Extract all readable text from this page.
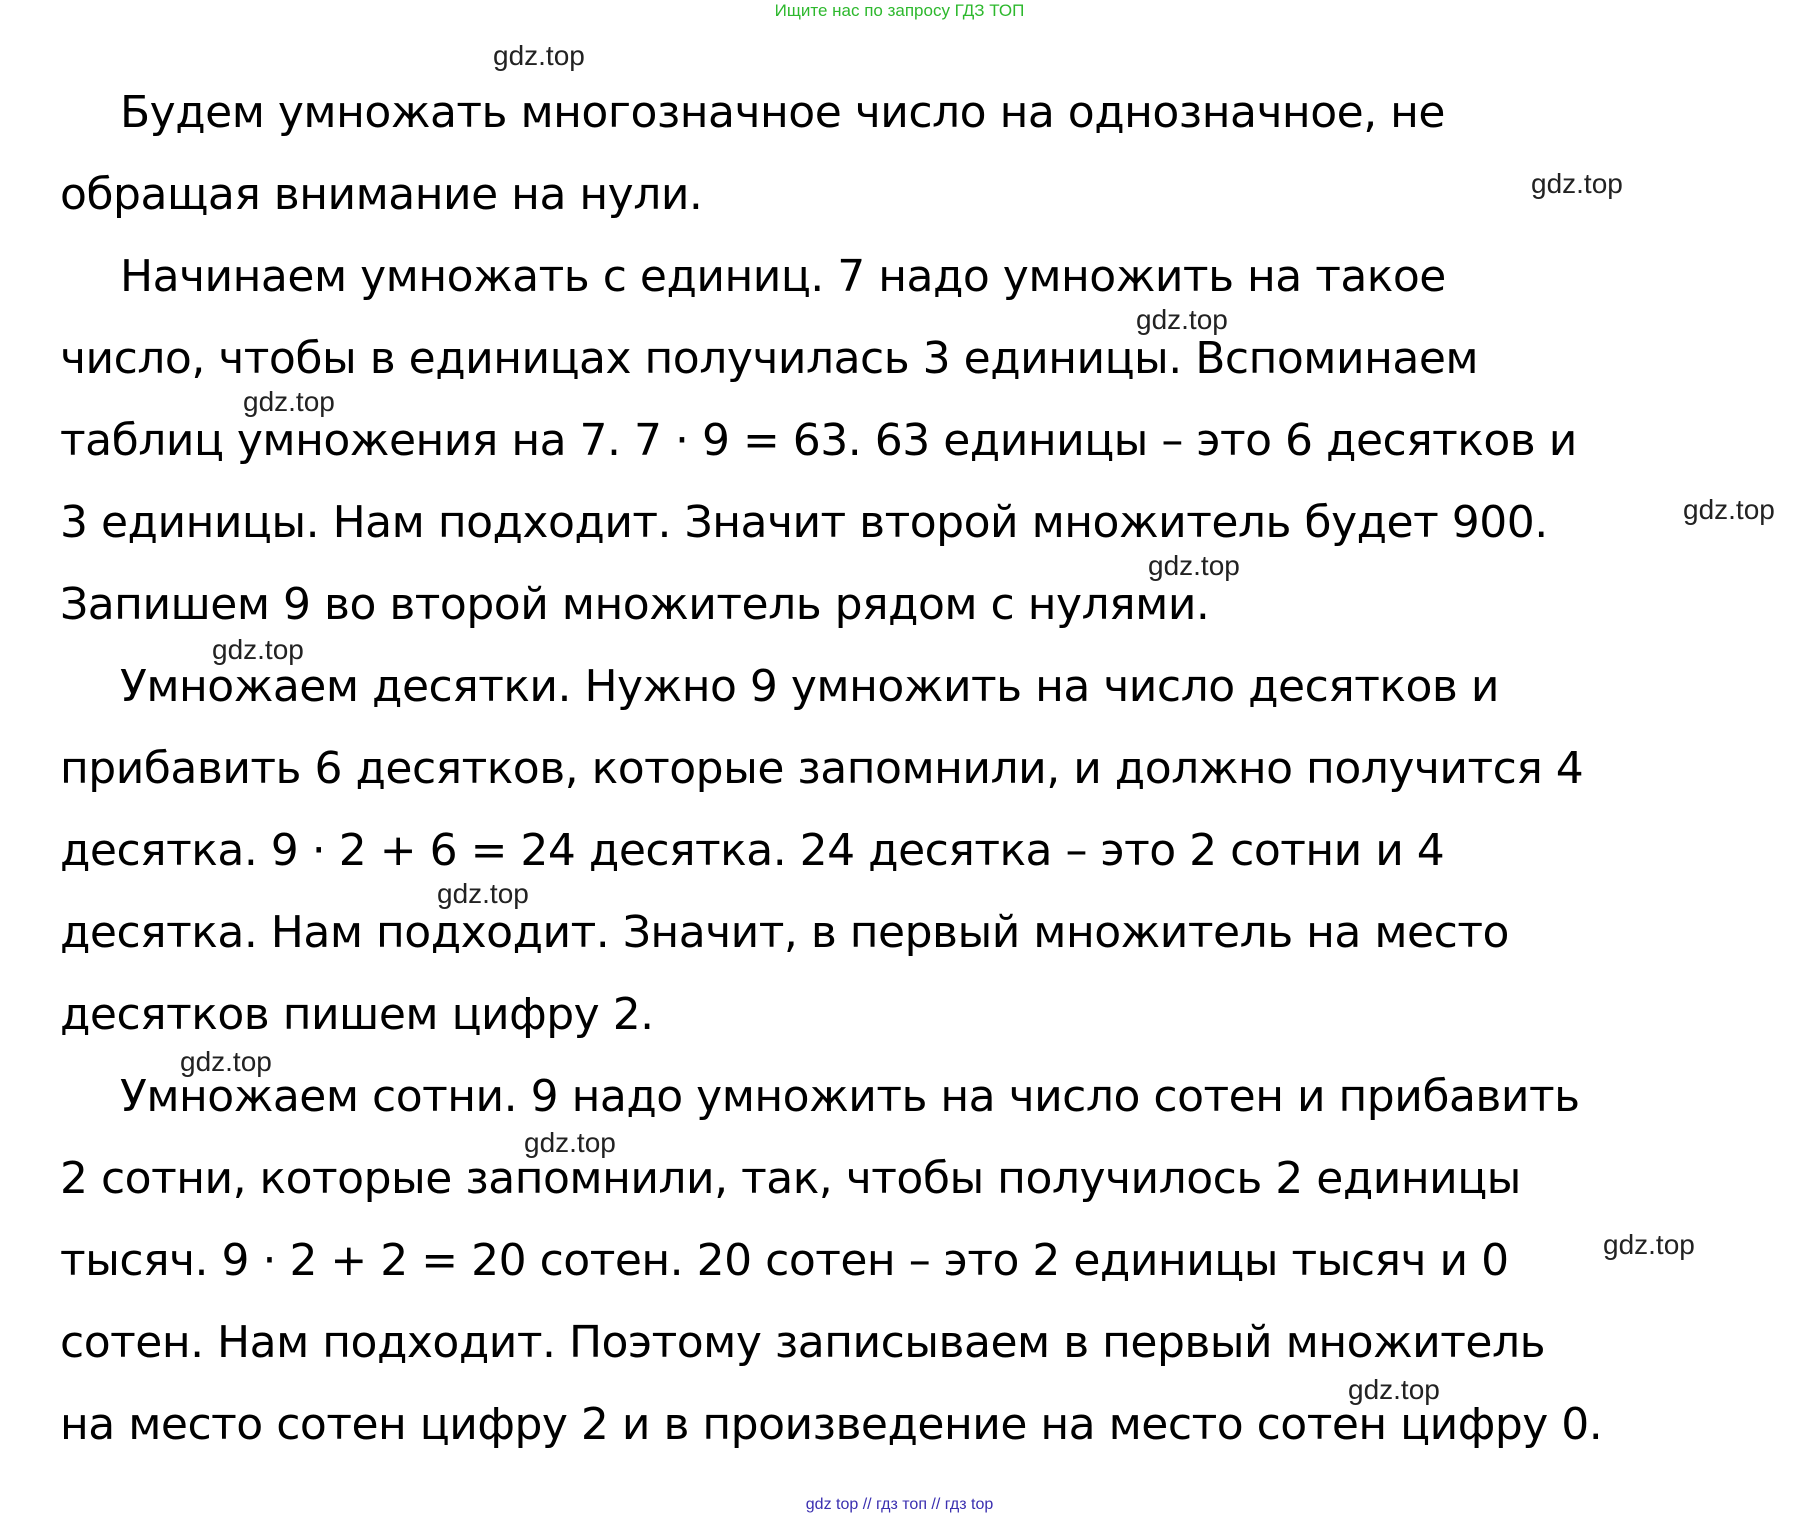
Ищите нас по запросу ГДЗ ТОП
Будем умножать многозначное число на однозначное, не
обращая внимание на нули.
Начинаем умножать с единиц. 7 надо умножить на такое
число, чтобы в единицах получилась 3 единицы. Вспоминаем
таблиц умножения на 7. 7 · 9 = 63. 63 единицы – это 6 десятков и
3 единицы. Нам подходит. Значит второй множитель будет 900.
Запишем 9 во второй множитель рядом с нулями.
Умножаем десятки. Нужно 9 умножить на число десятков и
прибавить 6 десятков, которые запомнили, и должно получится 4
десятка. 9 · 2 + 6 = 24 десятка. 24 десятка – это 2 сотни и 4
десятка. Нам подходит. Значит, в первый множитель на место
десятков пишем цифру 2.
Умножаем сотни. 9 надо умножить на число сотен и прибавить
2 сотни, которые запомнили, так, чтобы получилось 2 единицы
тысяч. 9 · 2 + 2 = 20 сотен. 20 сотен – это 2 единицы тысяч и 0
сотен. Нам подходит. Поэтому записываем в первый множитель
на место сотен цифру 2 и в произведение на место сотен цифру 0.
gdz.top
gdz.top
gdz.top
gdz.top
gdz.top
gdz.top
gdz.top
gdz.top
gdz.top
gdz.top
gdz.top
gdz.top
gdz top // гдз топ // гдз top
